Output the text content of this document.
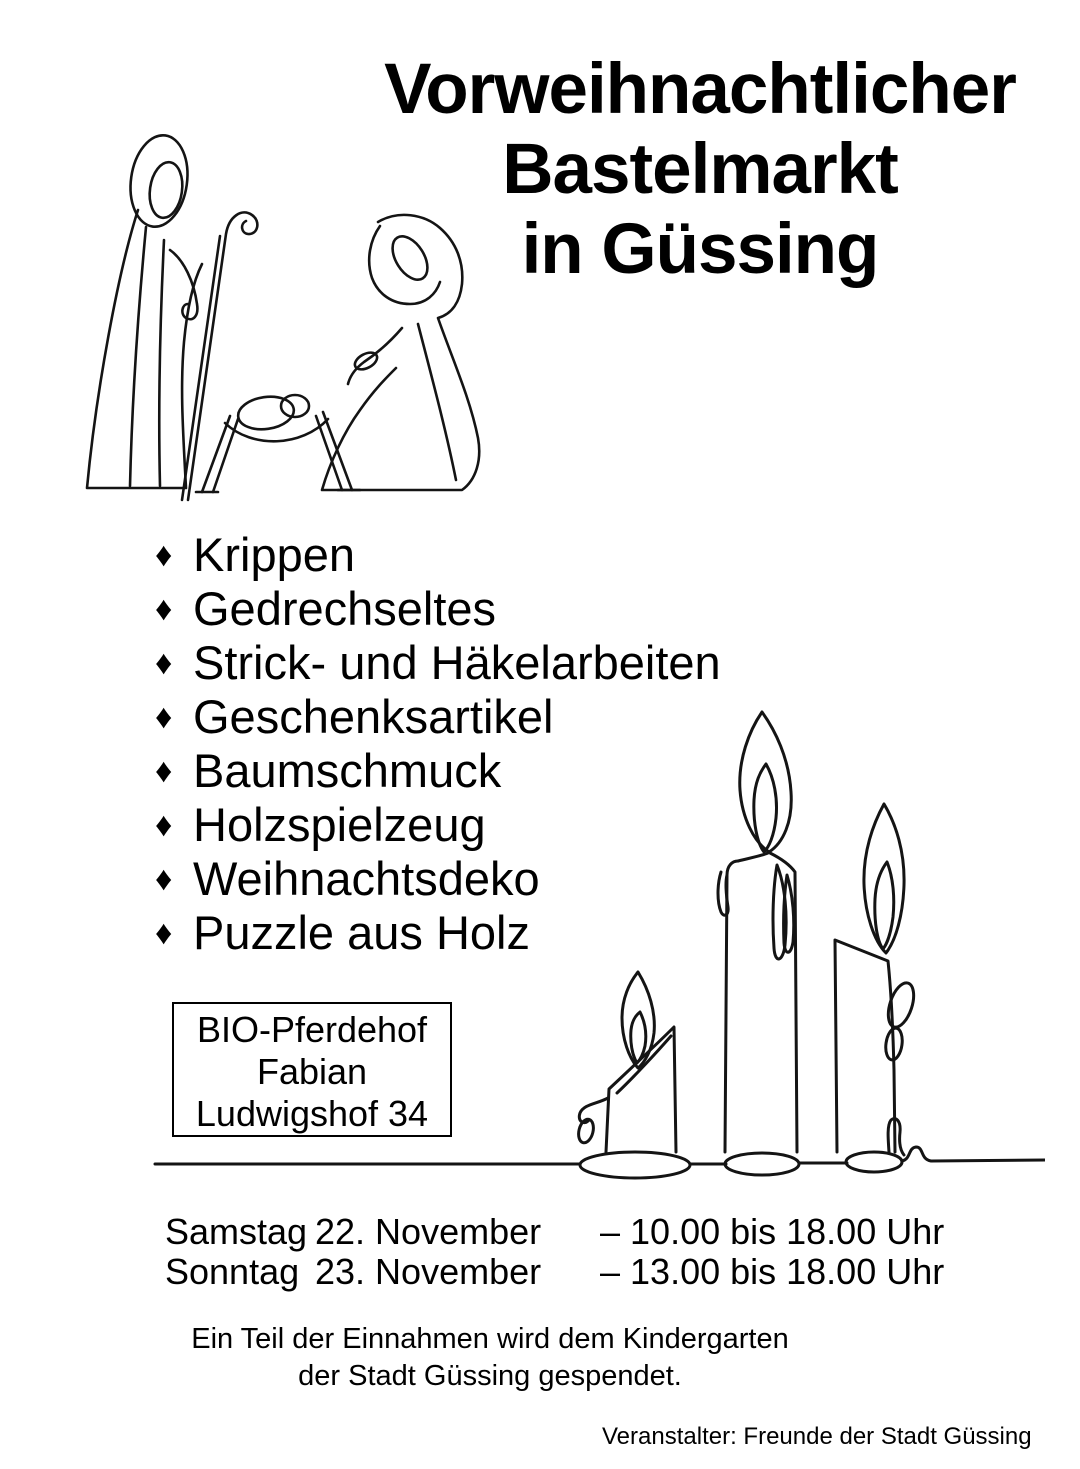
Vorweihnachtlicher
Bastelmarkt
in Güssing
♦ Krippen
♦ Gedrechseltes
♦ Strick- und Häkelarbeiten
♦ Geschenksartikel
♦ Baumschmuck
♦ Holzspielzeug
♦ Weihnachtsdeko
♦ Puzzle aus Holz
BIO-Pferdehof
Fabian
Ludwigshof 34
Samstag 22. November	– 10.00 bis 18.00 Uhr
Sonntag 23. November	– 13.00 bis 18.00 Uhr
Ein Teil der Einnahmen wird dem Kindergarten
der Stadt Güssing gespendet.
Veranstalter: Freunde der Stadt Güssing
